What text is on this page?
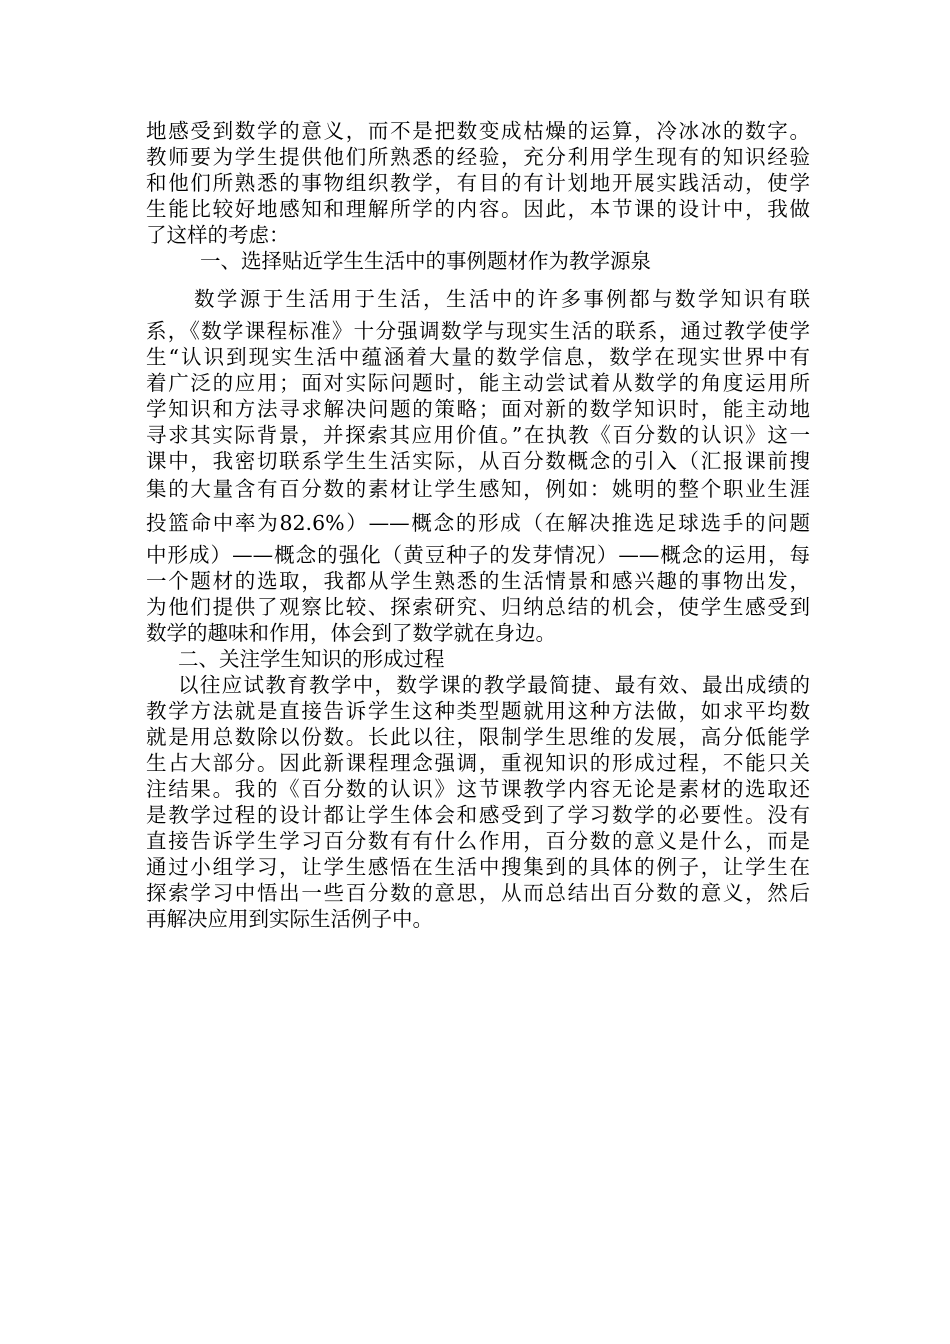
地感受到数学的意义，而不是把数变成枯燥的运算，冷冰冰的数字。
教师要为学生提供他们所熟悉的经验，充分利用学生现有的知识经验
和他们所熟悉的事物组织教学，有目的有计划地开展实践活动，使学
生能比较好地感知和理解所学的内容。因此，本节课的设计中，我做
了这样的考虑：
一、选择贴近学生生活中的事例题材作为教学源泉
数学源于生活用于生活，生活中的许多事例都与数学知识有联
系，《数学课程标准》十分强调数学与现实生活的联系，通过教学使学
生“认识到现实生活中蕴涵着大量的数学信息，数学在现实世界中有
着广泛的应用；面对实际问题时，能主动尝试着从数学的角度运用所
学知识和方法寻求解决问题的策略；面对新的数学知识时，能主动地
寻求其实际背景，并探索其应用价值。”在执教《百分数的认识》这一
课中，我密切联系学生生活实际，从百分数概念的引入（汇报课前搜
集的大量含有百分数的素材让学生感知，例如：姚明的整个职业生涯
投篮命中率为82.6%）——概念的形成（在解决推选足球选手的问题
中形成）——概念的强化（黄豆种子的发芽情况）——概念的运用，每
一个题材的选取，我都从学生熟悉的生活情景和感兴趣的事物出发，
为他们提供了观察比较、探索研究、归纳总结的机会，使学生感受到
数学的趣味和作用，体会到了数学就在身边。
二、关注学生知识的形成过程
以往应试教育教学中，数学课的教学最简捷、最有效、最出成绩的
教学方法就是直接告诉学生这种类型题就用这种方法做，如求平均数
就是用总数除以份数。长此以往，限制学生思维的发展，高分低能学
生占大部分。因此新课程理念强调，重视知识的形成过程，不能只关
注结果。我的《百分数的认识》这节课教学内容无论是素材的选取还
是教学过程的设计都让学生体会和感受到了学习数学的必要性。没有
直接告诉学生学习百分数有有什么作用，百分数的意义是什么，而是
通过小组学习，让学生感悟在生活中搜集到的具体的例子，让学生在
探索学习中悟出一些百分数的意思，从而总结出百分数的意义，然后
再解决应用到实际生活例子中。
